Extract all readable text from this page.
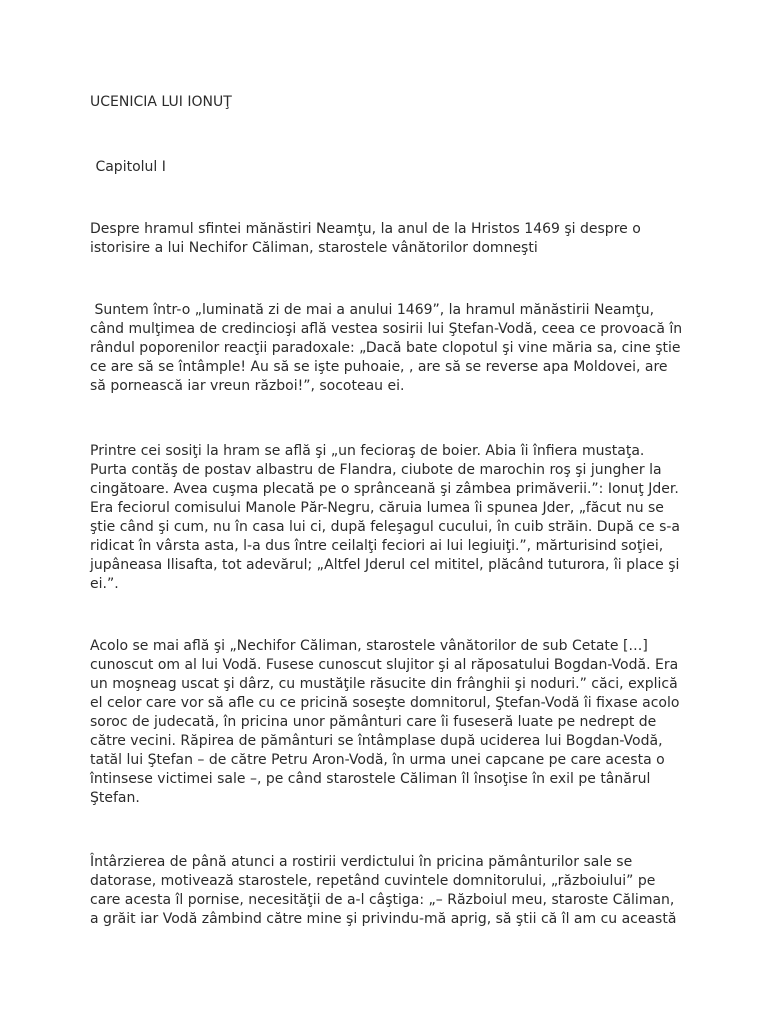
UCENICIA LUI IONUŢ
Capitolul I
Despre hramul sfintei mănăstiri Neamţu, la anul de la Hristos 1469 şi despre o
istorisire a lui Nechifor Căliman, starostele vânătorilor domneşti
Suntem într-o „luminată zi de mai a anului 1469”, la hramul mănăstirii Neamţu,
când mulţimea de credincioşi află vestea sosirii lui Ştefan-Vodă, ceea ce provoacă în
rândul poporenilor reacţii paradoxale: „Dacă bate clopotul şi vine măria sa, cine ştie
ce are să se întâmple! Au să se işte puhoaie, , are să se reverse apa Moldovei, are
să pornească iar vreun război!”, socoteau ei.
Printre cei sosiţi la hram se află şi „un fecioraş de boier. Abia îi înfiera mustaţa.
Purta contăş de postav albastru de Flandra, ciubote de marochin roş şi jungher la
cingătoare. Avea cuşma plecată pe o sprânceană şi zâmbea primăverii.”: Ionuţ Jder.
Era feciorul comisului Manole Păr-Negru, căruia lumea îi spunea Jder, „făcut nu se
ştie când şi cum, nu în casa lui ci, după feleşagul cucului, în cuib străin. După ce s-a
ridicat în vârsta asta, l-a dus între ceilalţi feciori ai lui legiuiţi.”, mărturisind soţiei,
jupâneasa Ilisafta, tot adevărul; „Altfel Jderul cel mititel, plăcând tuturora, îi place şi
ei.”.
Acolo se mai află şi „Nechifor Căliman, starostele vânătorilor de sub Cetate […]
cunoscut om al lui Vodă. Fusese cunoscut slujitor şi al răposatului Bogdan-Vodă. Era
un moşneag uscat şi dârz, cu mustăţile răsucite din frânghii şi noduri.” căci, explică
el celor care vor să afle cu ce pricină soseşte domnitorul, Ştefan-Vodă îi fixase acolo
soroc de judecată, în pricina unor pământuri care îi fuseseră luate pe nedrept de
către vecini. Răpirea de pământuri se întâmplase după uciderea lui Bogdan-Vodă,
tatăl lui Ştefan – de către Petru Aron-Vodă, în urma unei capcane pe care acesta o
întinsese victimei sale –, pe când starostele Căliman îl însoţise în exil pe tânărul
Ştefan.
Întârzierea de până atunci a rostirii verdictului în pricina pământurilor sale se
datorase, motivează starostele, repetând cuvintele domnitorului, „războiului” pe
care acesta îl pornise, necesităţii de a-l câştiga: „– Războiul meu, staroste Căliman,
a grăit iar Vodă zâmbind către mine şi privindu-mă aprig, să ştii că îl am cu această
